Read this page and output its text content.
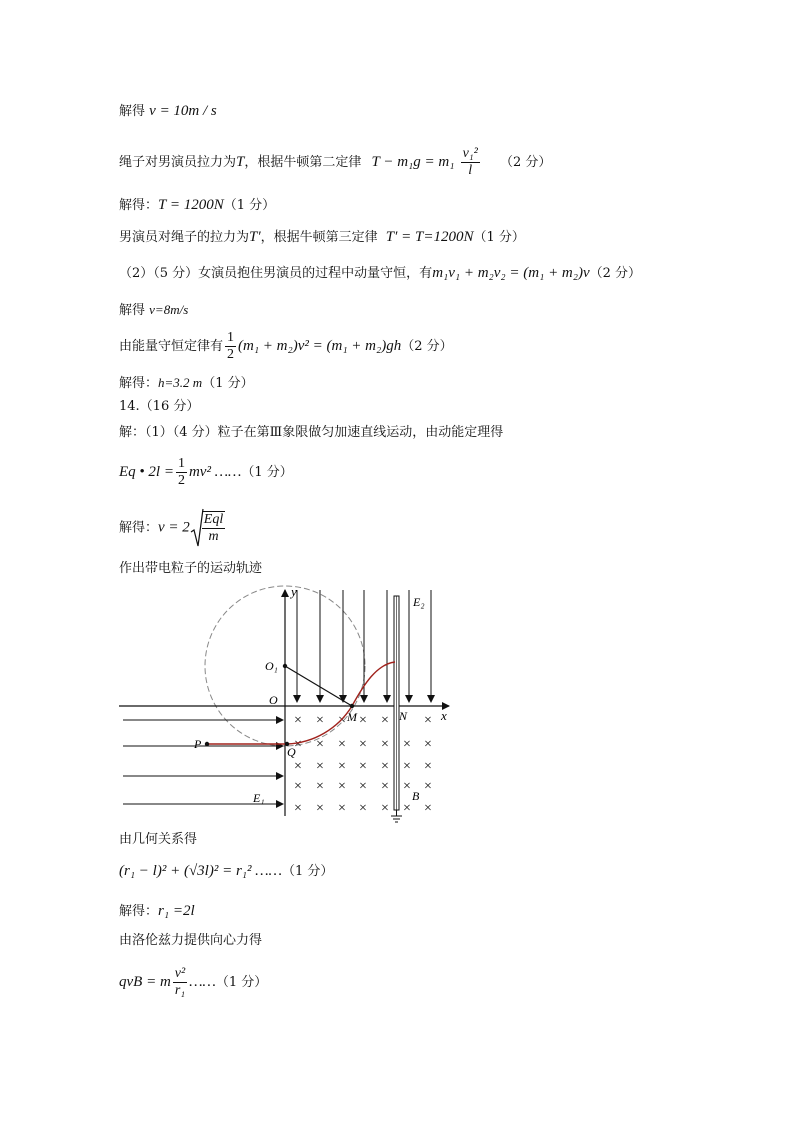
解得 v = 10m / s
绳子对男演员拉力为T，根据牛顿第二定律 $T - m_1g = m_1 \frac{\text{v₁²}}{l} (2$ 分）
解得：T = 1200N（1 分）
男演员对绳子的拉力为T′，根据牛顿第三定律 T′ = T=1200N（1 分）
（2）（5 分）女演员抱住男演员的过程中动量守恒，有m₁v₁ + m₂v₂ = (m₁ + m₂)v（2 分）
解得 v=8m/s
由能量守恒定律有 $\frac{1}{2} (m_1 + m_2)v^2 = (m_1 + m_2)gh(2$ 分）
解得：h=3.2 m（1 分）
14.（16 分）
解：（1）（4 分）粒子在第Ⅲ象限做匀加速直线运动，由动能定理得
Eq • $2l = \frac{1}{2} mv^2$ ……（1 分）
解得：$v = 2 \frac{\text{Eql}}{m}$
作出带电粒子的运动轨迹
× × × × ×	×
× × × × × × ×
× × × × × × ×
× × × × × × ×
× × × × × × ×
y
x
O
O₁
M	N
P
Q
E₁
E₂
B
由几何关系得
(r₁ − l)² + (√3l)² = r₁² ……（1 分）
解得：r₁ =2l
由洛伦兹力提供向心力得
qvB = m $\frac{\text{v²}}{\text{r₁}}$ ……（1 分）
